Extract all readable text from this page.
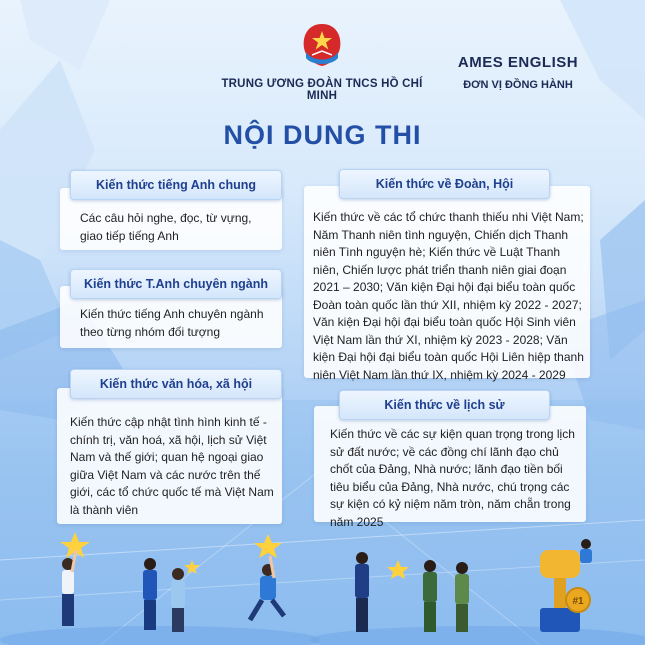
TRUNG ƯƠNG ĐOÀN TNCS HỒ CHÍ MINH
AMES ENGLISH
ĐƠN VỊ ĐỒNG HÀNH
NỘI DUNG THI

Các câu hỏi nghe, đọc, từ vựng, giao tiếp tiếng Anh

Kiến thức tiếng Anh chung

Kiến thức tiếng Anh chuyên ngành theo từng nhóm đối tượng

Kiến thức T.Anh chuyên ngành

Kiến thức cập nhật tình hình kinh tế - chính trị, văn hoá, xã hội, lịch sử Việt Nam và thế giới; quan hệ ngoại giao giữa Việt Nam và các nước trên thế giới, các tổ chức quốc tế mà Việt Nam là thành viên

Kiến thức văn hóa, xã hội

Kiến thức về các tổ chức thanh thiếu nhi Việt Nam; Năm Thanh niên tình nguyện, Chiến dịch Thanh niên Tình nguyện hè; Kiến thức về Luật Thanh niên, Chiến lược phát triển thanh niên giai đoạn 2021 – 2030; Văn kiện Đại hội đại biểu toàn quốc Đoàn toàn quốc lần thứ XII, nhiệm kỳ 2022 - 2027; Văn kiện Đại hội đại biểu toàn quốc Hội Sinh viên Việt Nam lần thứ XI, nhiệm kỳ 2023 - 2028; Văn kiện Đại hội đại biểu toàn quốc Hội Liên hiệp thanh niên Việt Nam lần thứ IX, nhiệm kỳ 2024 - 2029

Kiến thức về Đoàn, Hội

Kiến thức về các sự kiện quan trọng trong lịch sử đất nước; về các đồng chí lãnh đạo chủ chốt của Đảng, Nhà nước; lãnh đạo tiền bối tiêu biểu của Đảng, Nhà nước, chú trọng các sự kiện có kỷ niệm năm tròn, năm chẵn trong năm 2025

Kiến thức về lịch sử
#1
